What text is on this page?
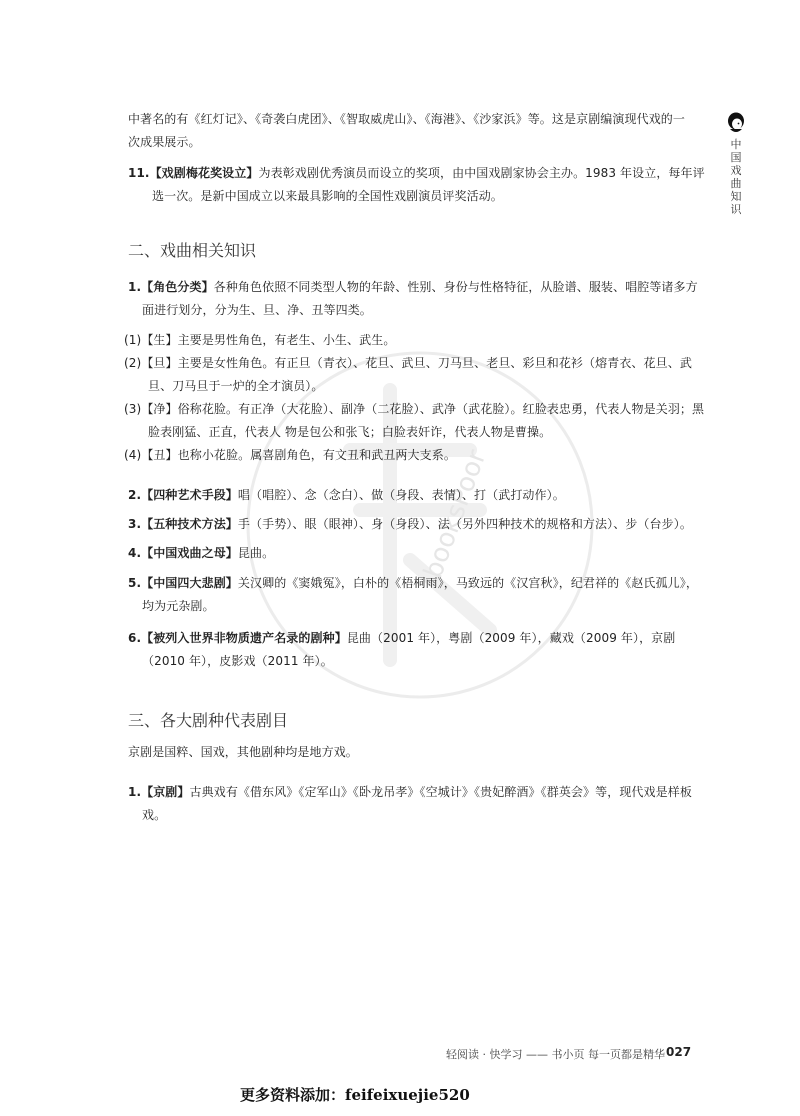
booksPoor
中国戏曲知识
中著名的有《红灯记》、《奇袭白虎团》、《智取威虎山》、《海港》、《沙家浜》等。这是京剧编演现代戏的一次成果展示。
11.【戏剧梅花奖设立】为表彰戏剧优秀演员而设立的奖项，由中国戏剧家协会主办。1983 年设立，每年评选一次。是新中国成立以来最具影响的全国性戏剧演员评奖活动。
二、戏曲相关知识
1.【角色分类】各种角色依照不同类型人物的年龄、性别、身份与性格特征，从脸谱、服装、唱腔等诸多方面进行划分，分为生、旦、净、丑等四类。
(1)【生】主要是男性角色，有老生、小生、武生。
(2)【旦】主要是女性角色。有正旦（青衣）、花旦、武旦、刀马旦、老旦、彩旦和花衫（熔青衣、花旦、武旦、刀马旦于一炉的全才演员）。
(3)【净】俗称花脸。有正净（大花脸）、副净（二花脸）、武净（武花脸）。红脸表忠勇，代表人物是关羽；黑脸表刚猛、正直，代表人 物是包公和张飞；白脸表奸诈，代表人物是曹操。
(4)【丑】也称小花脸。属喜剧角色，有文丑和武丑两大支系。
2.【四种艺术手段】唱（唱腔）、念（念白）、做（身段、表情）、打（武打动作）。
3.【五种技术方法】手（手势）、眼（眼神）、身（身段）、法（另外四种技术的规格和方法）、步（台步）。
4.【中国戏曲之母】昆曲。
5.【中国四大悲剧】关汉卿的《窦娥冤》，白朴的《梧桐雨》，马致远的《汉宫秋》，纪君祥的《赵氏孤儿》，均为元杂剧。
6.【被列入世界非物质遗产名录的剧种】昆曲（2001 年），粤剧（2009 年），藏戏（2009 年），京剧（2010 年），皮影戏（2011 年）。
三、各大剧种代表剧目
京剧是国粹、国戏，其他剧种均是地方戏。
1.【京剧】古典戏有《借东风》《定军山》《卧龙吊孝》《空城计》《贵妃醉酒》《群英会》等，现代戏是样板戏。
轻阅读 · 快学习 —— 书小页 每一页都是精华 027
更多资料添加：feifeixuejie520
